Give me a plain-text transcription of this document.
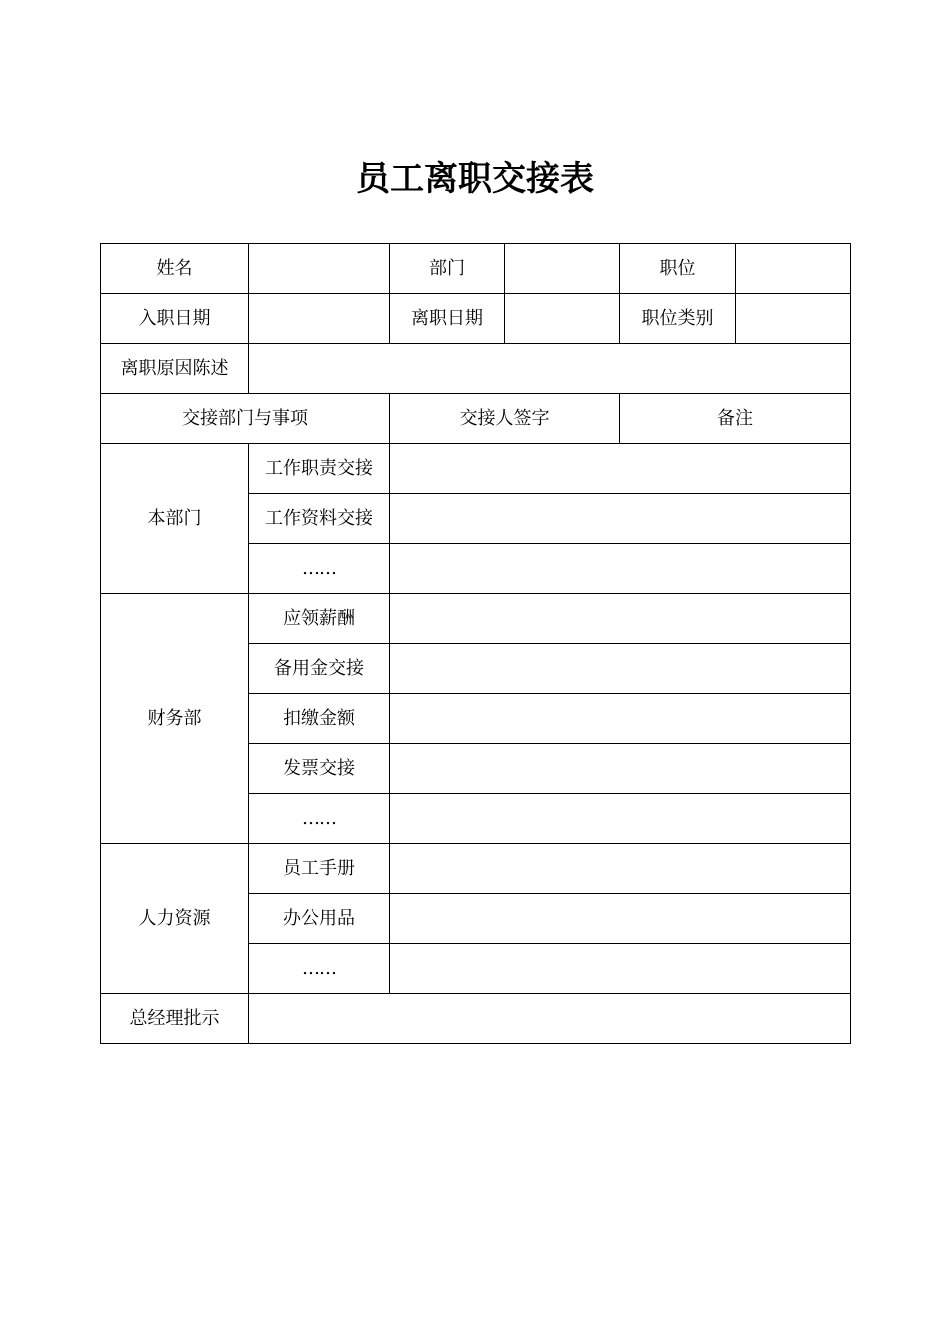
员工离职交接表
姓名		部门		职位	
入职日期		离职日期		职位类别	
离职原因陈述					
交接部门与事项		交接人签字		备注	
本部门	工作职责交接				
	工作资料交接				
	……				
财务部	应领薪酬				
	备用金交接				
	扣缴金额				
	发票交接				
	……				
人力资源	员工手册				
	办公用品				
	……				
总经理批示					
